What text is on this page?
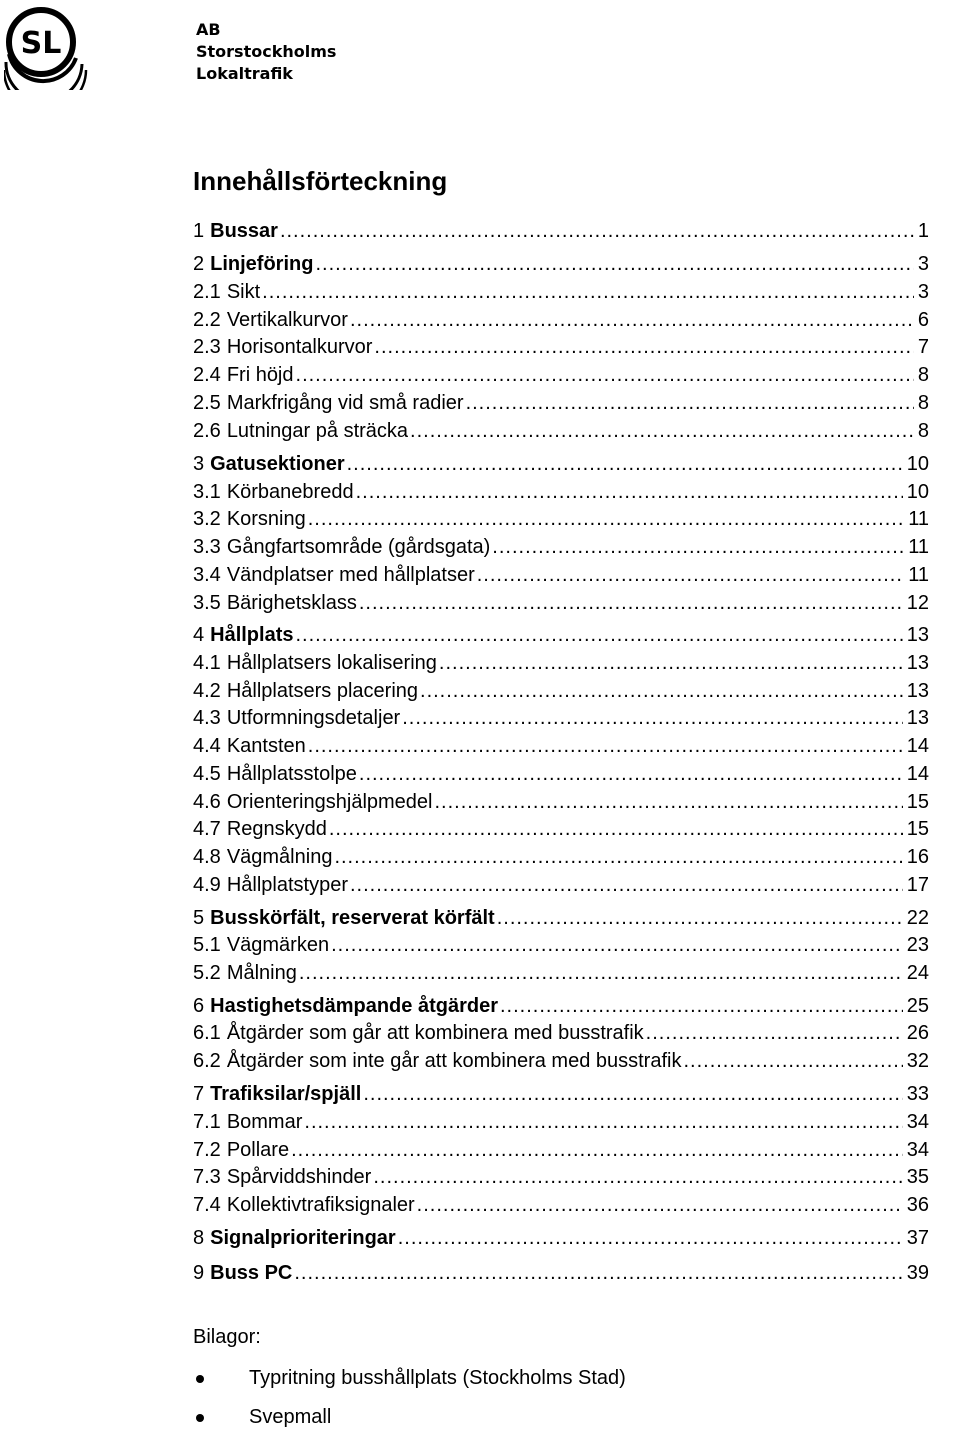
SL	AB
Storstockholms
Lokaltrafik
Innehållsförteckning
1 Bussar .....	1
2 Linjeföring .....	3
2.1 Sikt .....	3
2.2 Vertikalkurvor .....	6
2.3 Horisontalkurvor .....	7
2.4 Fri höjd .....	8
2.5 Markfrigång vid små radier .....	8
2.6 Lutningar på sträcka .....	8
3 Gatusektioner .....	10
3.1 Körbanebredd .....	10
3.2 Korsning .....	11
3.3 Gångfartsområde (gårdsgata) .....	11
3.4 Vändplatser med hållplatser .....	11
3.5 Bärighetsklass .....	12
4 Hållplats .....	13
4.1 Hållplatsers lokalisering .....	13
4.2 Hållplatsers placering .....	13
4.3 Utformningsdetaljer .....	13
4.4 Kantsten .....	14
4.5 Hållplatsstolpe .....	14
4.6 Orienteringshjälpmedel .....	15
4.7 Regnskydd .....	15
4.8 Vägmålning .....	16
4.9 Hållplatstyper .....	17
5 Busskörfält, reserverat körfält .....	22
5.1 Vägmärken .....	23
5.2 Målning .....	24
6 Hastighetsdämpande åtgärder .....	25
6.1 Åtgärder som går att kombinera med busstrafik .....	26
6.2 Åtgärder som inte går att kombinera med busstrafik .....	32
7 Trafiksilar/spjäll .....	33
7.1 Bommar .....	34
7.2 Pollare .....	34
7.3 Spårviddshinder .....	35
7.4 Kollektivtrafiksignaler .....	36
8 Signalprioriteringar .....	37
9 Buss PC .....	39
Bilagor:
Typritning busshållplats (Stockholms Stad)
Svepmall
